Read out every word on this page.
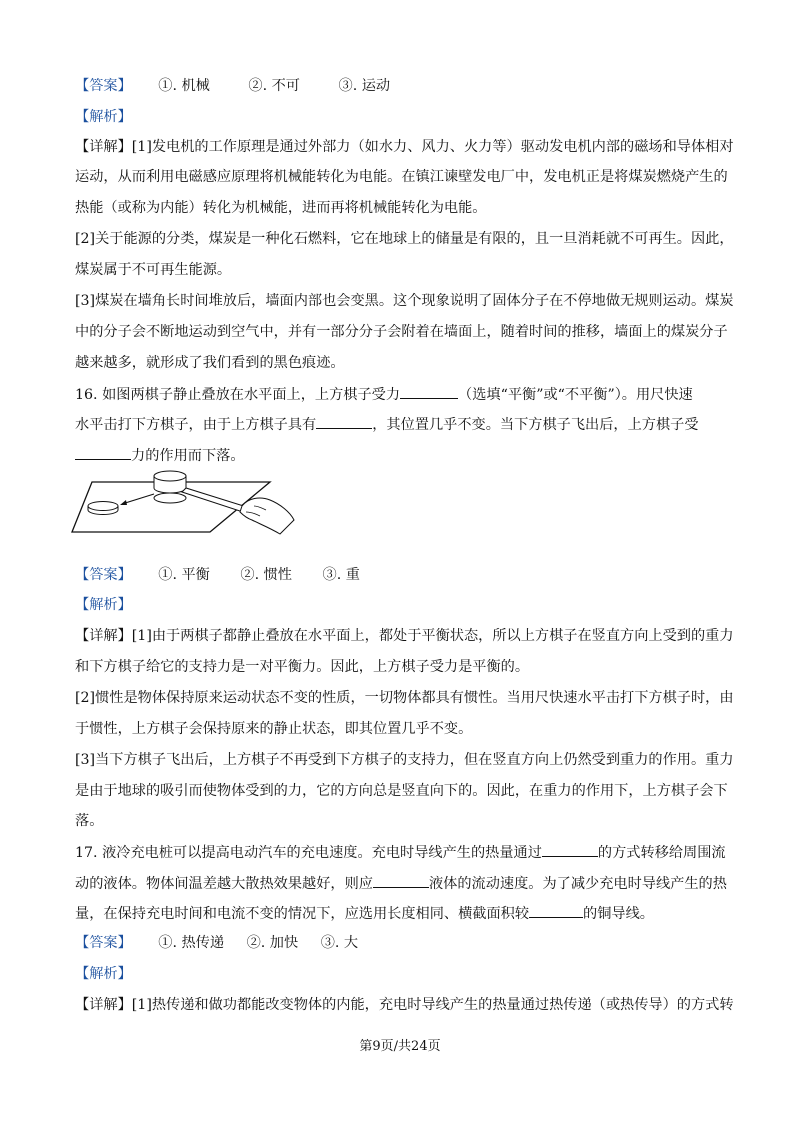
【答案】 ①. 机械	②. 不可	③. 运动
【解析】
【详解】[1]发电机的工作原理是通过外部力（如水力、风力、火力等）驱动发电机内部的磁场和导体相对
运动，从而利用电磁感应原理将机械能转化为电能。在镇江谏壁发电厂中，发电机正是将煤炭燃烧产生的
热能（或称为内能）转化为机械能，进而再将机械能转化为电能。
[2]关于能源的分类，煤炭是一种化石燃料，它在地球上的储量是有限的，且一旦消耗就不可再生。因此，
煤炭属于不可再生能源。
[3]煤炭在墙角长时间堆放后，墙面内部也会变黑。这个现象说明了固体分子在不停地做无规则运动。煤炭
中的分子会不断地运动到空气中，并有一部分分子会附着在墙面上，随着时间的推移，墙面上的煤炭分子
越来越多，就形成了我们看到的黑色痕迹。
16. 如图两棋子静止叠放在水平面上，上方棋子受力	（选填“平衡”或“不平衡”）。用尺快速
水平击打下方棋子，由于上方棋子具有	，其位置几乎不变。当下方棋子飞出后，上方棋子受
力的作用而下落。
【答案】 ①. 平衡 ②. 惯性 ③. 重
【解析】
【详解】[1]由于两棋子都静止叠放在水平面上，都处于平衡状态，所以上方棋子在竖直方向上受到的重力
和下方棋子给它的支持力是一对平衡力。因此，上方棋子受力是平衡的。
[2]惯性是物体保持原来运动状态不变的性质，一切物体都具有惯性。当用尺快速水平击打下方棋子时，由
于惯性，上方棋子会保持原来的静止状态，即其位置几乎不变。
[3]当下方棋子飞出后，上方棋子不再受到下方棋子的支持力，但在竖直方向上仍然受到重力的作用。重力
是由于地球的吸引而使物体受到的力，它的方向总是竖直向下的。因此，在重力的作用下，上方棋子会下
落。
17. 液冷充电桩可以提高电动汽车的充电速度。充电时导线产生的热量通过	的方式转移给周围流
动的液体。物体间温差越大散热效果越好，则应	液体的流动速度。为了减少充电时导线产生的热
量，在保持充电时间和电流不变的情况下，应选用长度相同、横截面积较	的铜导线。
【答案】 ①. 热传递 ②. 加快 ③. 大
【解析】
【详解】[1]热传递和做功都能改变物体的内能，充电时导线产生的热量通过热传递（或热传导）的方式转
第9页/共24页
